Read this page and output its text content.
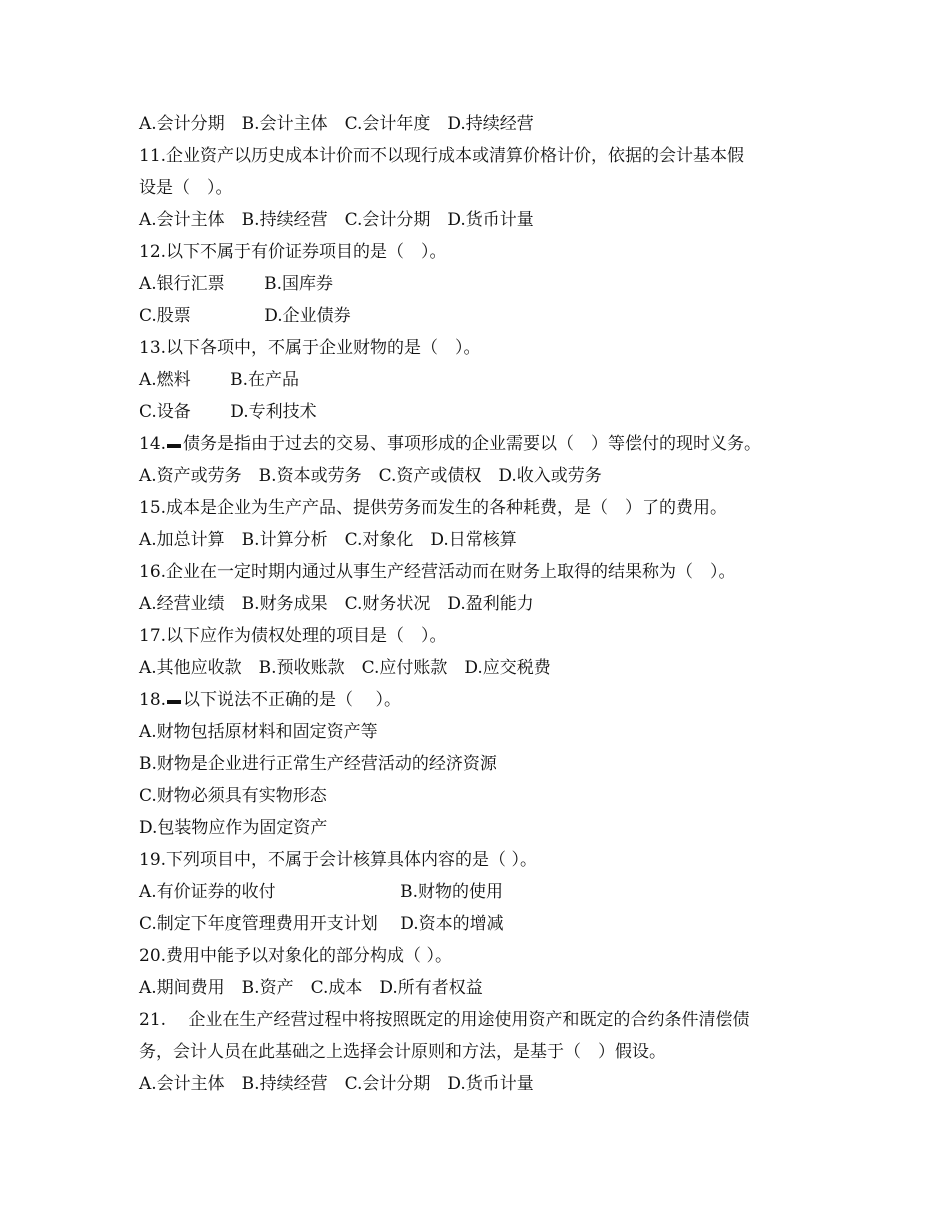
A.会计分期　B.会计主体　C.会计年度　D.持续经营
11.企业资产以历史成本计价而不以现行成本或清算价格计价，依据的会计基本假
设是（　）。
A.会计主体　B.持续经营　C.会计分期　D.货币计量
12.以下不属于有价证券项目的是（　）。
A.银行汇票　　 B.国库券
C.股票　　　　 D.企业债券
13.以下各项中，不属于企业财物的是（　）。
A.燃料　　 B.在产品
C.设备　　 D.专利技术
14. 债务是指由于过去的交易、事项形成的企业需要以（　）等偿付的现时义务。
A.资产或劳务　B.资本或劳务　C.资产或债权　D.收入或劳务
15.成本是企业为生产产品、提供劳务而发生的各种耗费，是（　）了的费用。
A.加总计算　B.计算分析　C.对象化　D.日常核算
16.企业在一定时期内通过从事生产经营活动而在财务上取得的结果称为（　）。
A.经营业绩　B.财务成果　C.财务状况　D.盈利能力
17.以下应作为债权处理的项目是（　）。
A.其他应收款　B.预收账款　C.应付账款　D.应交税费
18. 以下说法不正确的是（　 ）。
A.财物包括原材料和固定资产等
B.财物是企业进行正常生产经营活动的经济资源
C.财物必须具有实物形态
D.包装物应作为固定资产
19.下列项目中，不属于会计核算具体内容的是（ ）。
A.有价证券的收付　　　　　　　 B.财物的使用
C.制定下年度管理费用开支计划　 D.资本的增减
20.费用中能予以对象化的部分构成（ ）。
A.期间费用　B.资产　C.成本　D.所有者权益
21.　 企业在生产经营过程中将按照既定的用途使用资产和既定的合约条件清偿债
务，会计人员在此基础之上选择会计原则和方法，是基于（　）假设。
A.会计主体　B.持续经营　C.会计分期　D.货币计量
